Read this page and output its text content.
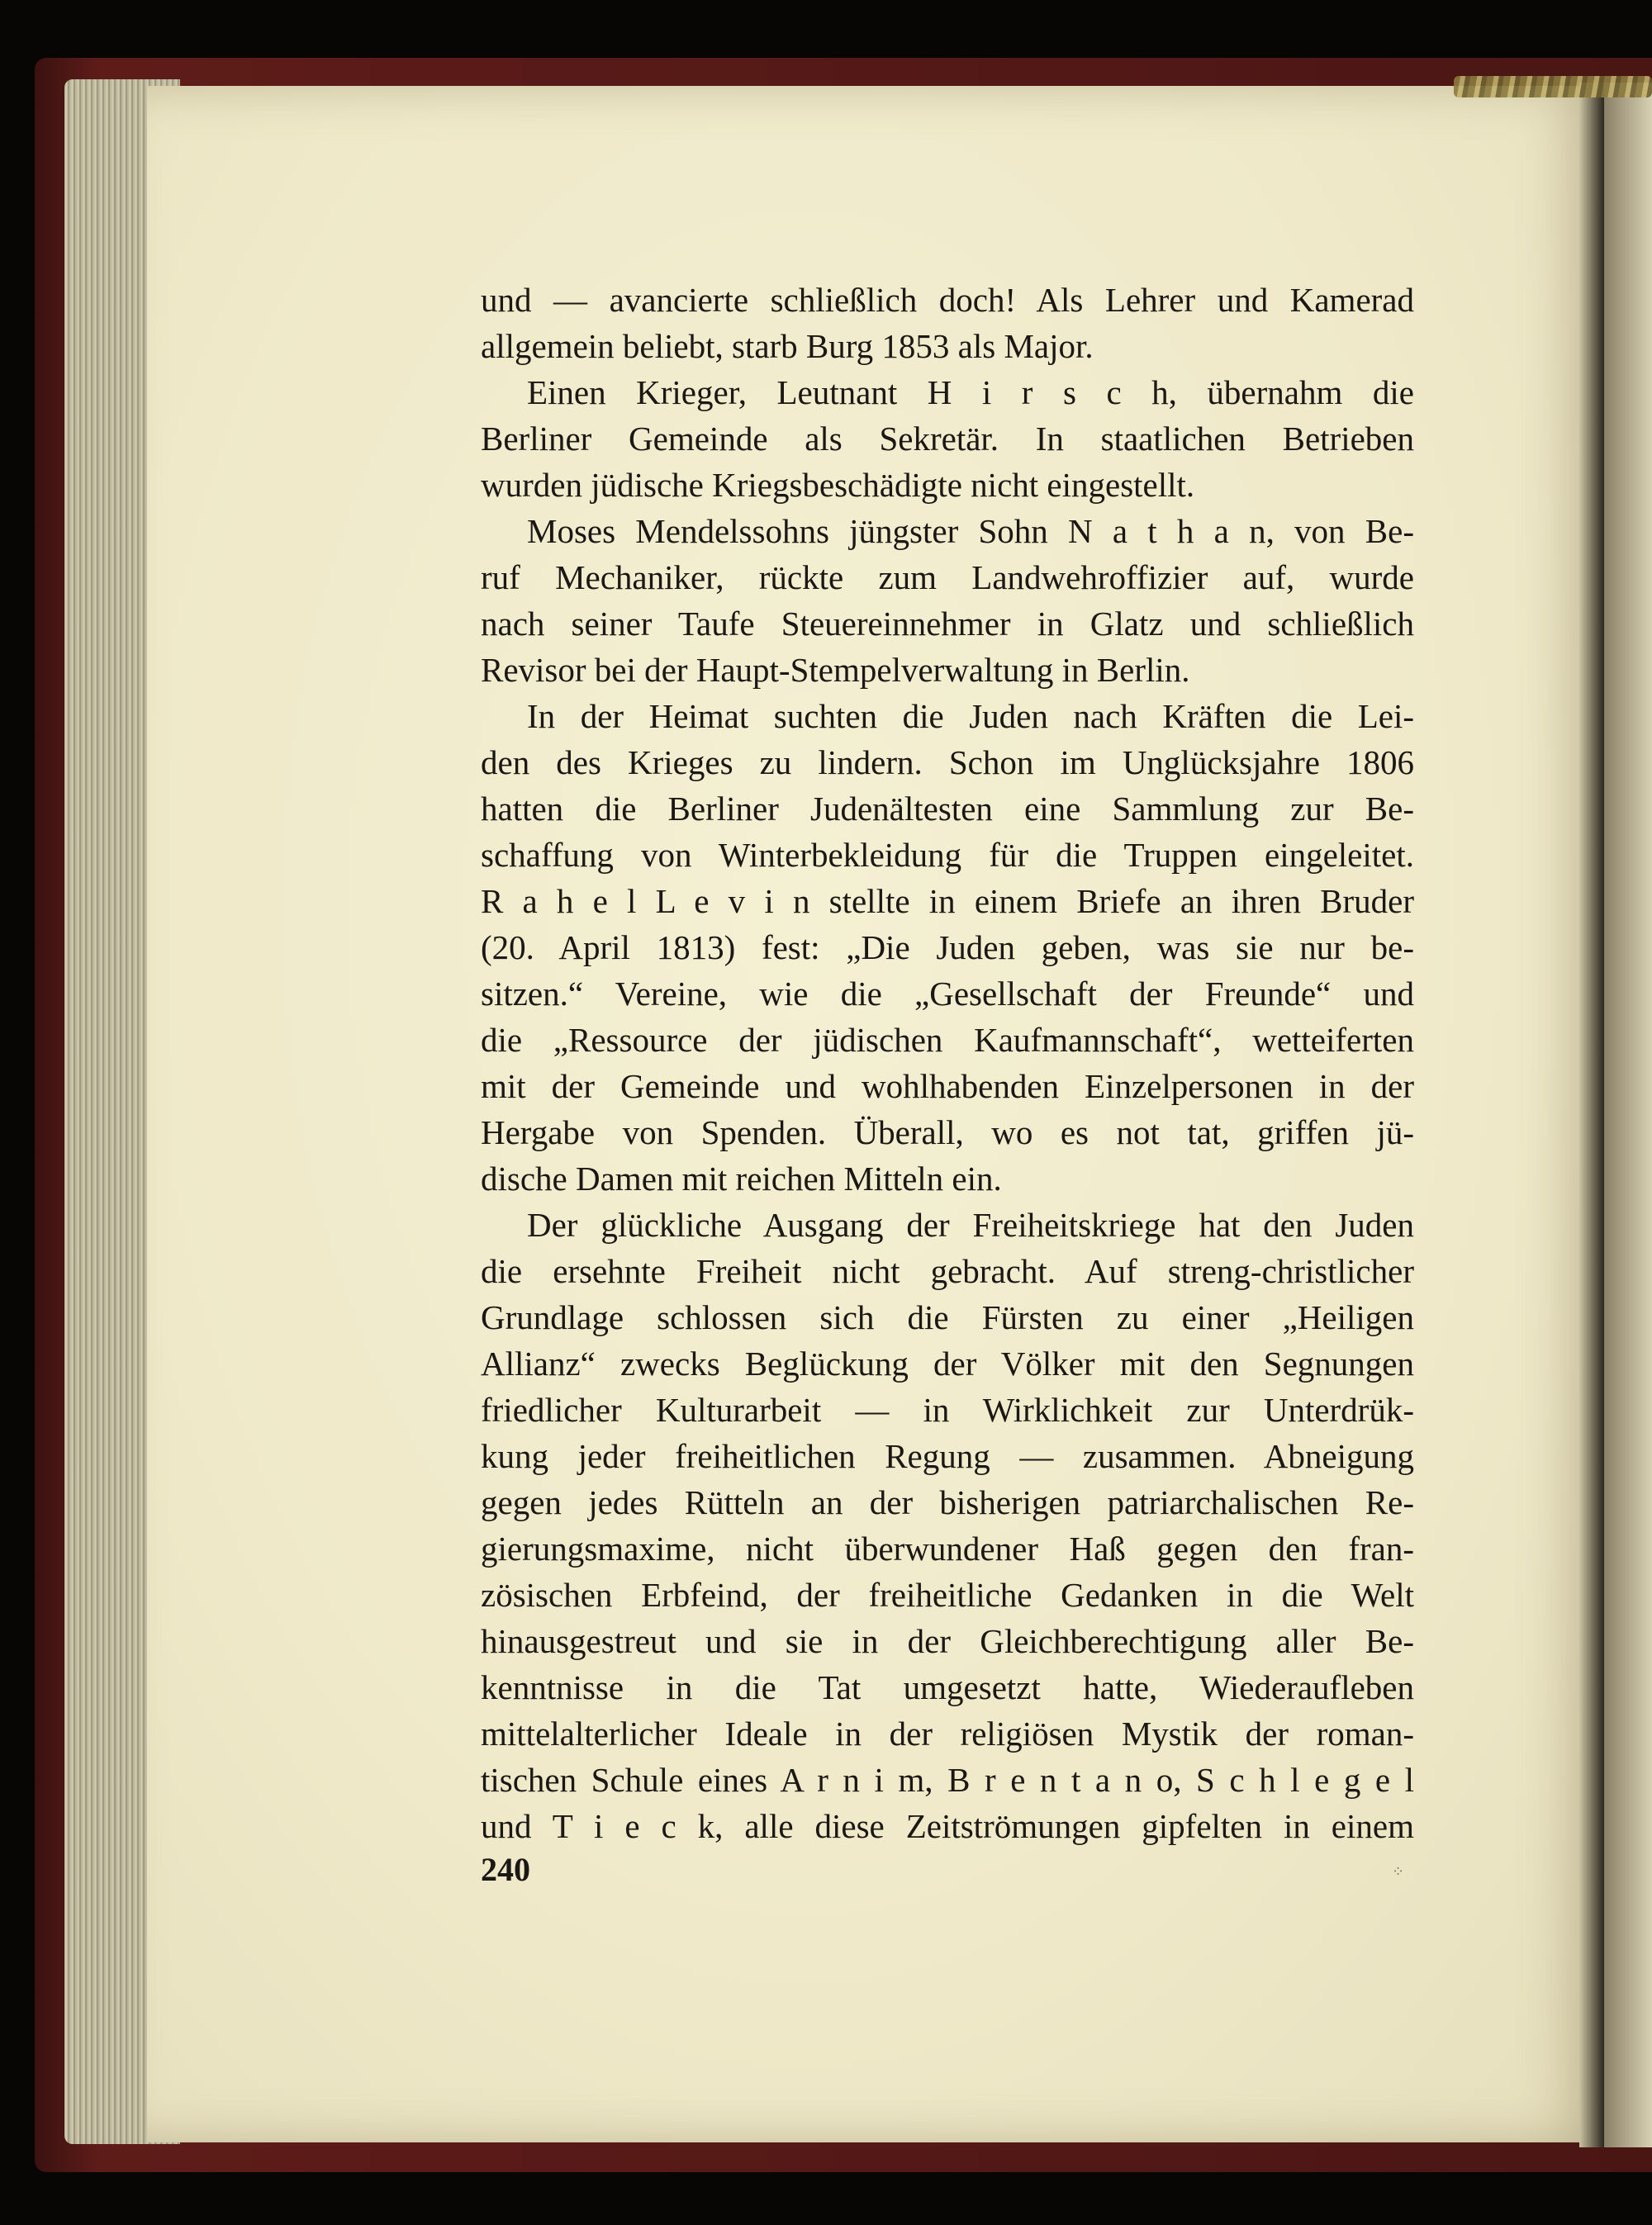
und — avancierte schließlich doch! Als Lehrer und Kamerad
allgemein beliebt, starb Burg 1853 als Major.
Einen Krieger, Leutnant H i r s c h, übernahm die
Berliner Gemeinde als Sekretär. In staatlichen Betrieben
wurden jüdische Kriegsbeschädigte nicht eingestellt.
Moses Mendelssohns jüngster Sohn N a t h a n, von Be-
ruf Mechaniker, rückte zum Landwehroffizier auf, wurde
nach seiner Taufe Steuereinnehmer in Glatz und schließlich
Revisor bei der Haupt-Stempelverwaltung in Berlin.
In der Heimat suchten die Juden nach Kräften die Lei-
den des Krieges zu lindern. Schon im Unglücksjahre 1806
hatten die Berliner Judenältesten eine Sammlung zur Be-
schaffung von Winterbekleidung für die Truppen eingeleitet.
R a h e l L e v i n stellte in einem Briefe an ihren Bruder
(20. April 1813) fest: „Die Juden geben, was sie nur be-
sitzen.“ Vereine, wie die „Gesellschaft der Freunde“ und
die „Ressource der jüdischen Kaufmannschaft“, wetteiferten
mit der Gemeinde und wohlhabenden Einzelpersonen in der
Hergabe von Spenden. Überall, wo es not tat, griffen jü-
dische Damen mit reichen Mitteln ein.
Der glückliche Ausgang der Freiheitskriege hat den Juden
die ersehnte Freiheit nicht gebracht. Auf streng-christlicher
Grundlage schlossen sich die Fürsten zu einer „Heiligen
Allianz“ zwecks Beglückung der Völker mit den Segnungen
friedlicher Kulturarbeit — in Wirklichkeit zur Unterdrük-
kung jeder freiheitlichen Regung — zusammen. Abneigung
gegen jedes Rütteln an der bisherigen patriarchalischen Re-
gierungsmaxime, nicht überwundener Haß gegen den fran-
zösischen Erbfeind, der freiheitliche Gedanken in die Welt
hinausgestreut und sie in der Gleichberechtigung aller Be-
kenntnisse in die Tat umgesetzt hatte, Wiederaufleben
mittelalterlicher Ideale in der religiösen Mystik der roman-
tischen Schule eines A r n i m, B r e n t a n o, S c h l e g e l
und T i e c k, alle diese Zeitströmungen gipfelten in einem
240	⁘
